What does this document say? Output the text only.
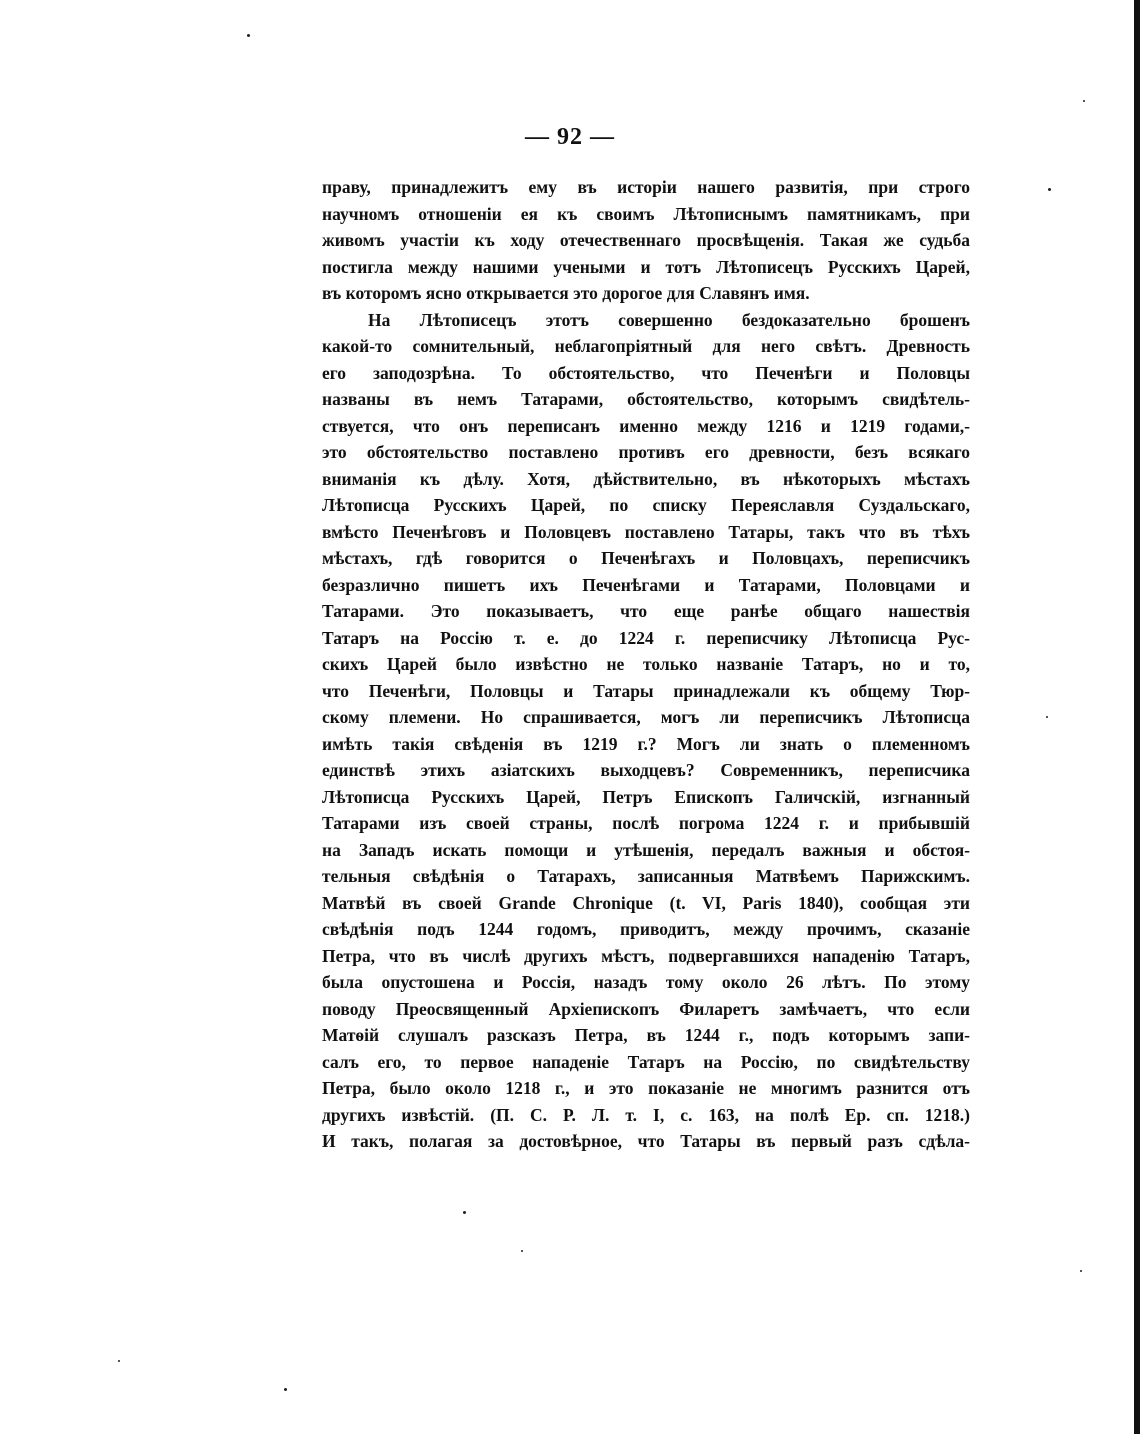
— 92 —
праву, принадлежитъ ему въ исторіи нашего развитія, при строго
научномъ отношеніи ея къ своимъ Лѣтописнымъ памятникамъ, при
живомъ участіи къ ходу отечественнаго просвѣщенія. Такая же судьба
постигла между нашими учеными и тотъ Лѣтописецъ Русскихъ Царей,
въ которомъ ясно открывается это дорогое для Славянъ имя.
На Лѣтописецъ этотъ совершенно бездоказательно брошенъ
какой-то сомнительный, неблагопріятный для него свѣтъ. Древность
его заподозрѣна. То обстоятельство, что Печенѣги и Половцы
названы въ немъ Татарами, обстоятельство, которымъ свидѣтель-
ствуется, что онъ переписанъ именно между 1216 и 1219 годами,-
это обстоятельство поставлено противъ его древности, безъ всякаго
вниманія къ дѣлу. Хотя, дѣйствительно, въ нѣкоторыхъ мѣстахъ
Лѣтописца Русскихъ Царей, по списку Переяславля Суздальскаго,
вмѣсто Печенѣговъ и Половцевъ поставлено Татары, такъ что въ тѣхъ
мѣстахъ, гдѣ говорится о Печенѣгахъ и Половцахъ, переписчикъ
безразлично пишетъ ихъ Печенѣгами и Татарами, Половцами и
Татарами. Это показываетъ, что еще ранѣе общаго нашествія
Татаръ на Россію т. е. до 1224 г. переписчику Лѣтописца Рус-
скихъ Царей было извѣстно не только названіе Татаръ, но и то,
что Печенѣги, Половцы и Татары принадлежали къ общему Тюр-
скому племени. Но спрашивается, могъ ли переписчикъ Лѣтописца
имѣть такія свѣденія въ 1219 г.? Могъ ли знать о племенномъ
единствѣ этихъ азіатскихъ выходцевъ? Современникъ, переписчика
Лѣтописца Русскихъ Царей, Петръ Епископъ Галичскій, изгнанный
Татарами изъ своей страны, послѣ погрома 1224 г. и прибывшій
на Западъ искать помощи и утѣшенія, передалъ важныя и обстоя-
тельныя свѣдѣнія о Татарахъ, записанныя Матвѣемъ Парижскимъ.
Матвѣй въ своей Grande Chronique (t. VI, Paris 1840), сообщая эти
свѣдѣнія подъ 1244 годомъ, приводитъ, между прочимъ, сказаніе
Петра, что въ числѣ другихъ мѣстъ, подвергавшихся нападенію Татаръ,
была опустошена и Россія, назадъ тому около 26 лѣтъ. По этому
поводу Преосвященный Архіепископъ Филаретъ замѣчаетъ, что если
Матѳій слушалъ разсказъ Петра, въ 1244 г., подъ которымъ запи-
салъ его, то первое нападеніе Татаръ на Россію, по свидѣтельству
Петра, было около 1218 г., и это показаніе не многимъ разнится отъ
другихъ извѣстій. (П. С. Р. Л. т. I, с. 163, на полѣ Ер. сп. 1218.)
И такъ, полагая за достовѣрное, что Татары въ первый разъ сдѣла-
